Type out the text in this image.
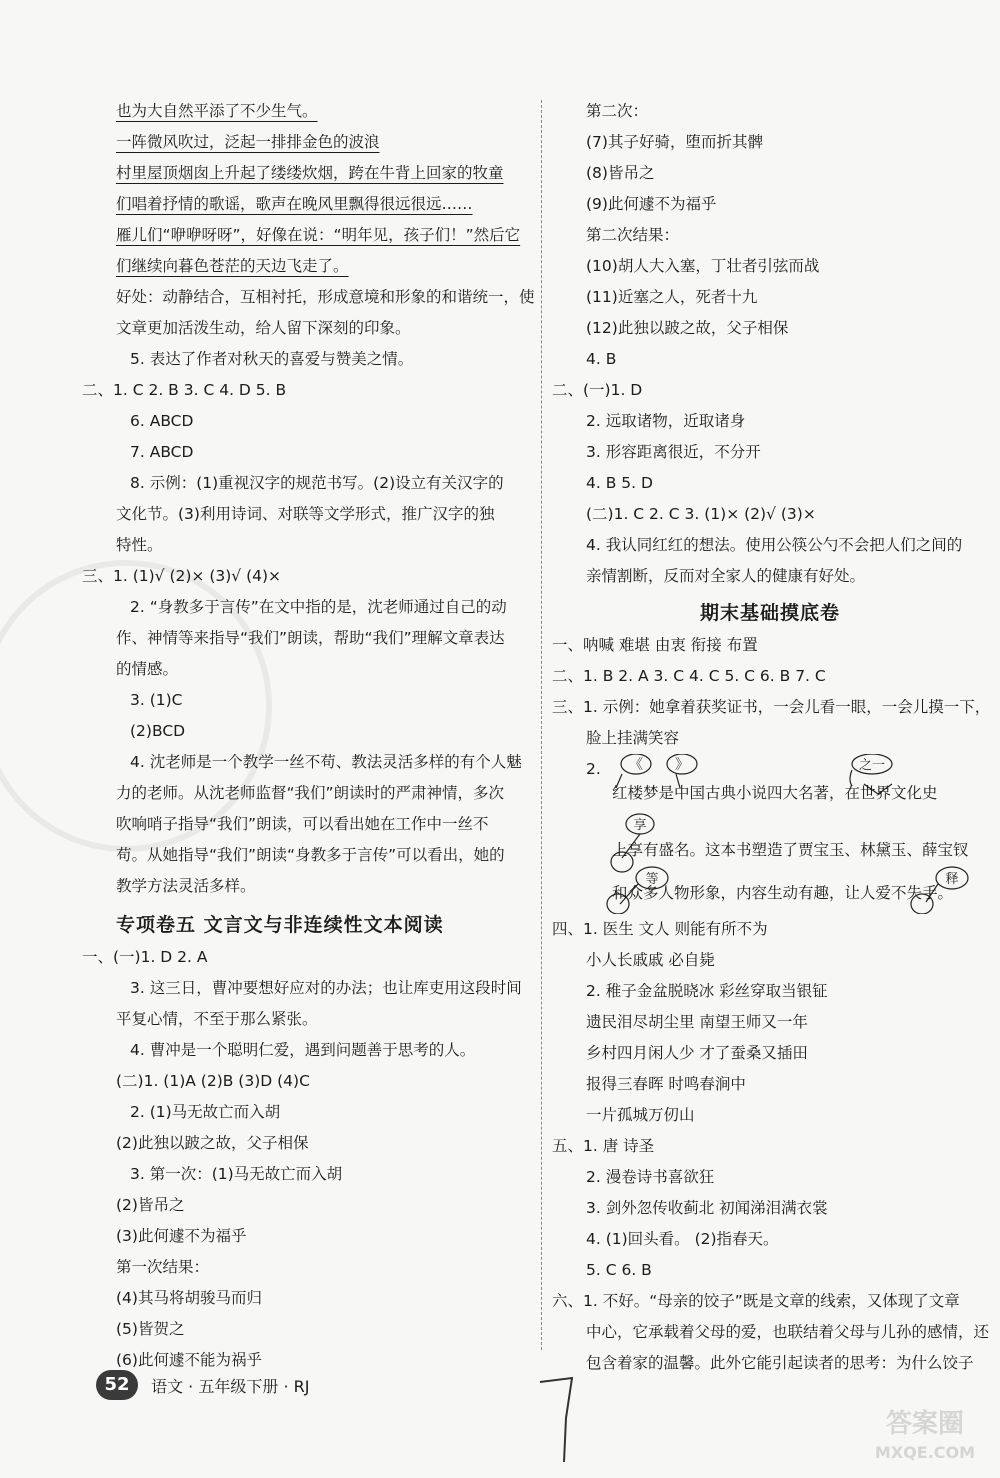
也为大自然平添了不少生气。
一阵微风吹过，泛起一排排金色的波浪
村里屋顶烟囱上升起了缕缕炊烟，跨在牛背上回家的牧童
们唱着抒情的歌谣，歌声在晚风里飘得很远很远……
雁儿们“咿咿呀呀”，好像在说：“明年见，孩子们！”然后它
们继续向暮色苍茫的天边飞走了。
好处：动静结合，互相衬托，形成意境和形象的和谐统一，使
文章更加活泼生动，给人留下深刻的印象。
5. 表达了作者对秋天的喜爱与赞美之情。
二、1. C 2. B 3. C 4. D 5. B
6. ABCD
7. ABCD
8. 示例：(1)重视汉字的规范书写。(2)设立有关汉字的
文化节。(3)利用诗词、对联等文学形式，推广汉字的独
特性。
三、1. (1)√ (2)× (3)√ (4)×
2. “身教多于言传”在文中指的是，沈老师通过自己的动
作、神情等来指导“我们”朗读，帮助“我们”理解文章表达
的情感。
3. (1)C
(2)BCD
4. 沈老师是一个教学一丝不苟、教法灵活多样的有个人魅
力的老师。从沈老师监督“我们”朗读时的严肃神情，多次
吹响哨子指导“我们”朗读，可以看出她在工作中一丝不
苟。从她指导“我们”朗读“身教多于言传”可以看出，她的
教学方法灵活多样。
专项卷五 文言文与非连续性文本阅读
一、(一)1. D 2. A
3. 这三日，曹冲要想好应对的办法；也让库吏用这段时间
平复心情，不至于那么紧张。
4. 曹冲是一个聪明仁爱，遇到问题善于思考的人。
(二)1. (1)A (2)B (3)D (4)C
2. (1)马无故亡而入胡
(2)此独以跛之故，父子相保
3. 第一次：(1)马无故亡而入胡
(2)皆吊之
(3)此何遽不为福乎
第一次结果：
(4)其马将胡骏马而归
(5)皆贺之
(6)此何遽不能为祸乎
第二次：
(7)其子好骑，堕而折其髀
(8)皆吊之
(9)此何遽不为福乎
第二次结果：
(10)胡人大入塞，丁壮者引弦而战
(11)近塞之人，死者十九
(12)此独以跛之故，父子相保
4. B
二、(一)1. D
2. 远取诸物，近取诸身
3. 形容距离很近，不分开
4. B 5. D
(二)1. C 2. C 3. (1)× (2)√ (3)×
4. 我认同红红的想法。使用公筷公勺不会把人们之间的
亲情割断，反而对全家人的健康有好处。
期末基础摸底卷
一、呐喊 难堪 由衷 衔接 布置
二、1. B 2. A 3. C 4. C 5. C 6. B 7. C
三、1. 示例：她拿着获奖证书，一会儿看一眼，一会儿摸一下，
脸上挂满笑容
2. 《 》	之一
享
等	释
红楼梦是中国古典小说四大名著，在世界文化史
上享有盛名。这本书塑造了贾宝玉、林黛玉、薛宝钗
和众多人物形象，内容生动有趣，让人爱不失手。
四、1. 医生 文人 则能有所不为
小人长戚戚 必自毙
2. 稚子金盆脱晓冰 彩丝穿取当银钲
遗民泪尽胡尘里 南望王师又一年
乡村四月闲人少 才了蚕桑又插田
报得三春晖 时鸣春涧中
一片孤城万仞山
五、1. 唐 诗圣
2. 漫卷诗书喜欲狂
3. 剑外忽传收蓟北 初闻涕泪满衣裳
4. (1)回头看。 (2)指春天。
5. C 6. B
六、1. 不好。“母亲的饺子”既是文章的线索，又体现了文章
中心，它承载着父母的爱，也联结着父母与儿孙的感情，还
包含着家的温馨。此外它能引起读者的思考：为什么饺子
52 语文 · 五年级下册 · RJ
答案圈
MXQE.COM
